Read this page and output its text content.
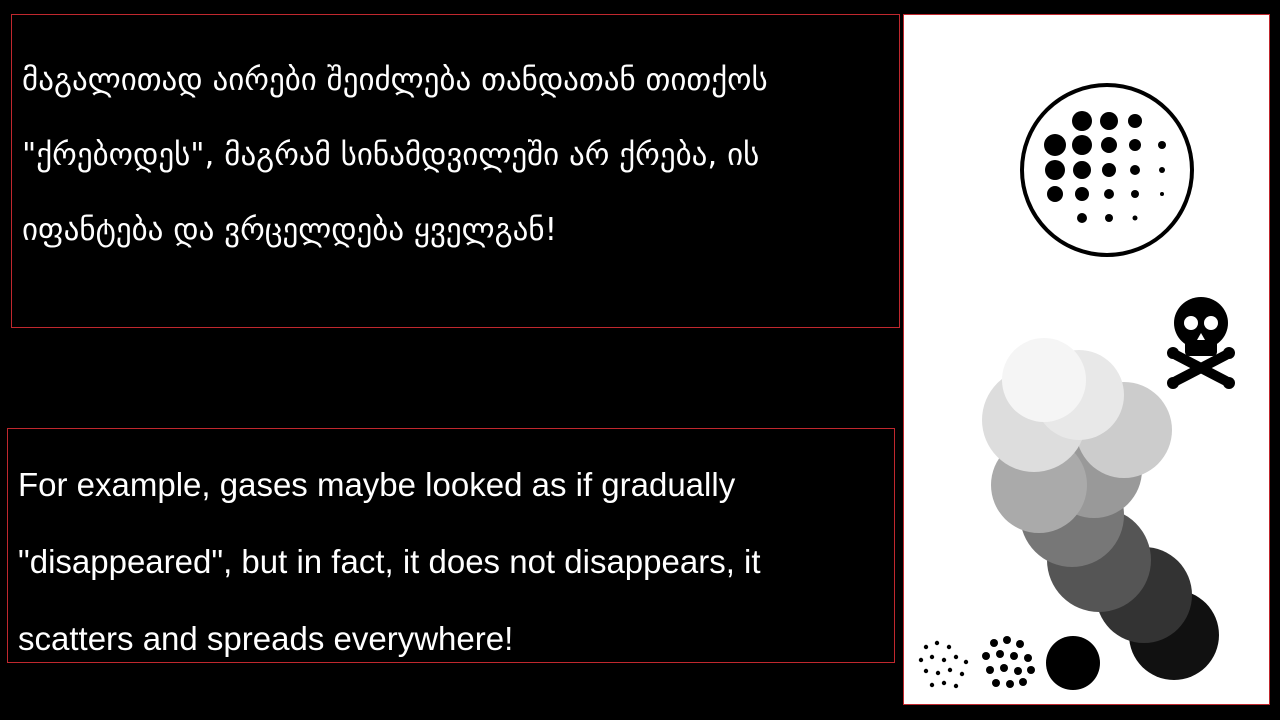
მაგალითად აირები შეიძლება თანდათან თითქოს "ქრებოდეს", მაგრამ სინამდვილეში არ ქრება, ის იფანტება და ვრცელდება ყველგან!
For example, gases maybe looked as if gradually "disappeared", but in fact, it does not disappears, it scatters and spreads everywhere!
